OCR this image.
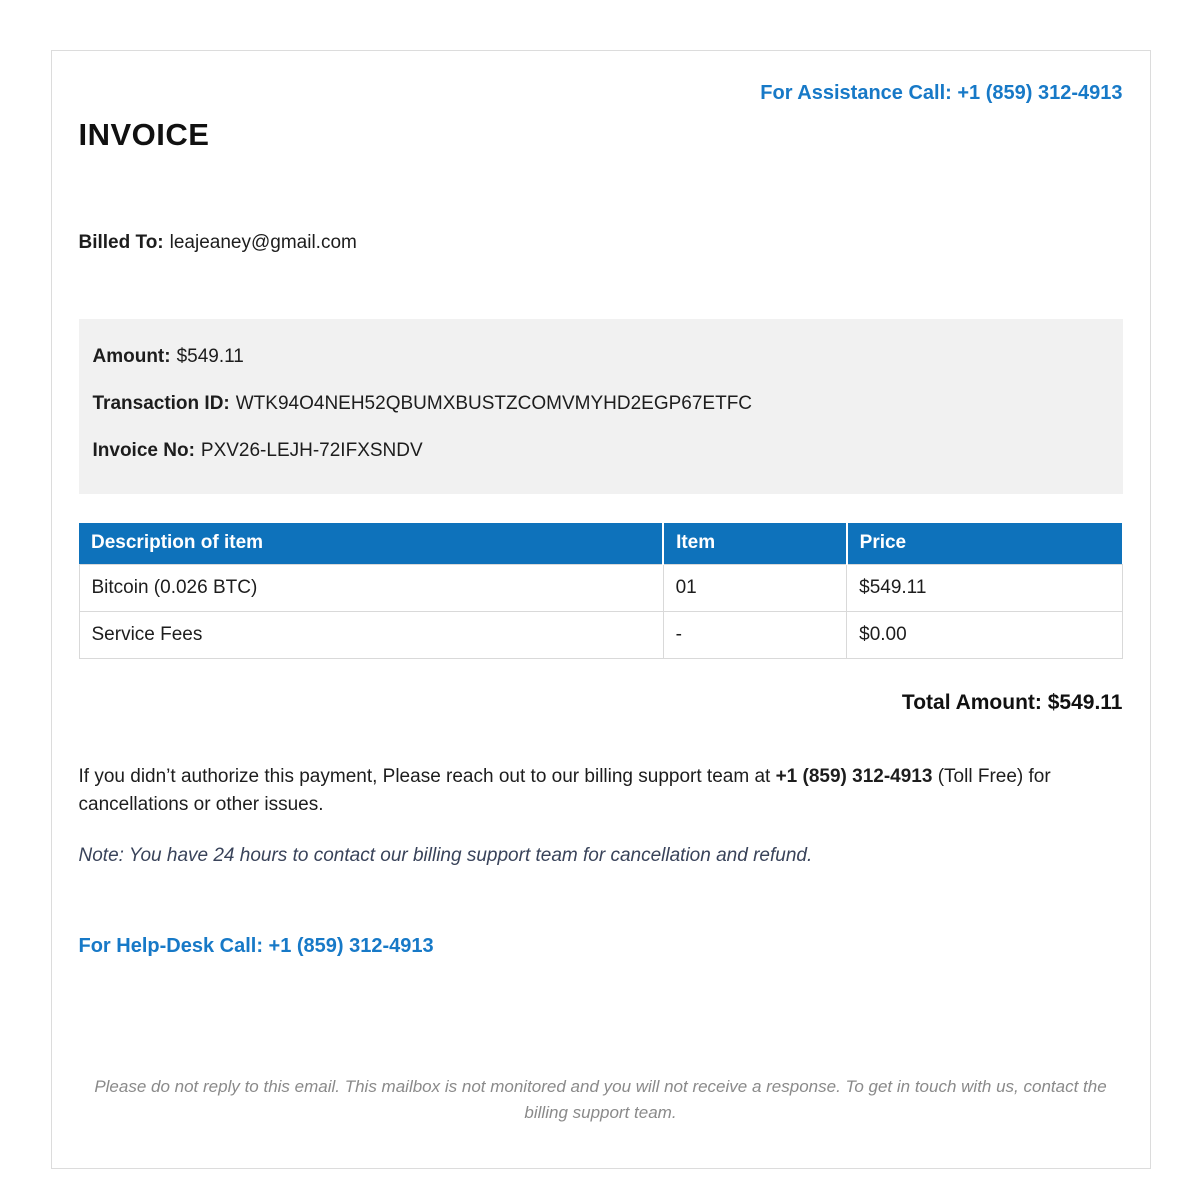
For Assistance Call: +1 (859) 312-4913
INVOICE

Billed To: leajeaney@gmail.com

Amount: $549.11

Transaction ID: WTK94O4NEH52QBUMXBUSTZCOMVMYHD2EGP67ETFC

Invoice No: PXV26-LEJH-72IFXSNDV

Description of item	Item	Price
Bitcoin (0.026 BTC)	01	$549.11
Service Fees	-	$0.00

Total Amount: $549.11

If you didn’t authorize this payment, Please reach out to our billing support team at +1 (859) 312-4913 (Toll Free) for cancellations or other issues.

Note: You have 24 hours to contact our billing support team for cancellation and refund.

For Help-Desk Call: +1 (859) 312-4913

Please do not reply to this email. This mailbox is not monitored and you will not receive a response. To get in touch with us, contact the billing support team.
